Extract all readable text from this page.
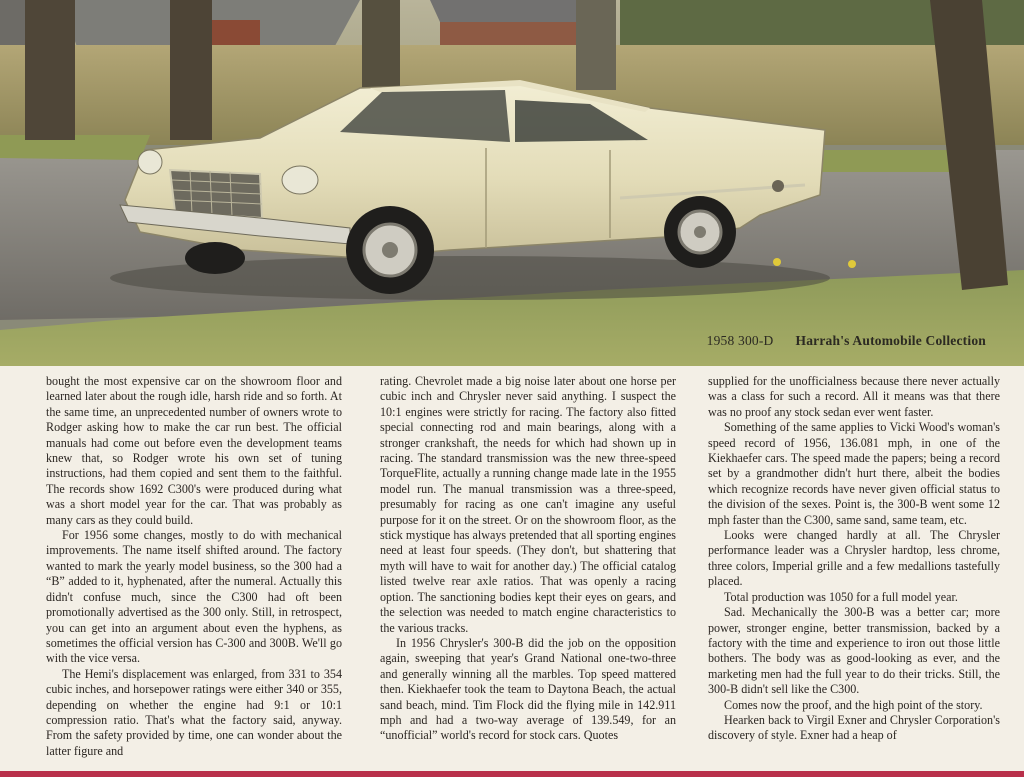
1958 300-D Harrah's Automobile Collection

bought the most expensive car on the showroom floor and learned later about the rough idle, harsh ride and so forth. At the same time, an unprecedented number of owners wrote to Rodger asking how to make the car run best. The official manuals had come out before even the development teams knew that, so Rodger wrote his own set of tuning instructions, had them copied and sent them to the faithful. The records show 1692 C300's were produced during what was a short model year for the car. That was probably as many cars as they could build.

For 1956 some changes, mostly to do with mechanical improvements. The name itself shifted around. The factory wanted to mark the yearly model business, so the 300 had a “B” added to it, hyphenated, after the numeral. Actually this didn't confuse much, since the C300 had oft been promotionally advertised as the 300 only. Still, in retrospect, you can get into an argument about even the hyphens, as sometimes the official version has C-300 and 300B. We'll go with the vice versa.

The Hemi's displacement was enlarged, from 331 to 354 cubic inches, and horsepower ratings were either 340 or 355, depending on whether the engine had 9:1 or 10:1 compression ratio. That's what the factory said, anyway. From the safety provided by time, one can wonder about the latter figure and

rating. Chevrolet made a big noise later about one horse per cubic inch and Chrysler never said anything. I suspect the 10:1 engines were strictly for racing. The factory also fitted special connecting rod and main bearings, along with a stronger crankshaft, the needs for which had shown up in racing. The standard transmission was the new three-speed TorqueFlite, actually a running change made late in the 1955 model run. The manual transmission was a three-speed, presumably for racing as one can't imagine any useful purpose for it on the street. Or on the showroom floor, as the stick mystique has always pretended that all sporting engines need at least four speeds. (They don't, but shattering that myth will have to wait for another day.) The official catalog listed twelve rear axle ratios. That was openly a racing option. The sanctioning bodies kept their eyes on gears, and the selection was needed to match engine characteristics to the various tracks.

In 1956 Chrysler's 300-B did the job on the opposition again, sweeping that year's Grand National one-two-three and generally winning all the marbles. Top speed mattered then. Kiekhaefer took the team to Daytona Beach, the actual sand beach, mind. Tim Flock did the flying mile in 142.911 mph and had a two-way average of 139.549, for an “unofficial” world's record for stock cars. Quotes

supplied for the unofficialness because there never actually was a class for such a record. All it means was that there was no proof any stock sedan ever went faster.

Something of the same applies to Vicki Wood's woman's speed record of 1956, 136.081 mph, in one of the Kiekhaefer cars. The speed made the papers; being a record set by a grandmother didn't hurt there, albeit the bodies which recognize records have never given official status to the division of the sexes. Point is, the 300-B went some 12 mph faster than the C300, same sand, same team, etc.

Looks were changed hardly at all. The Chrysler performance leader was a Chrysler hardtop, less chrome, three colors, Imperial grille and a few medallions tastefully placed.

Total production was 1050 for a full model year.

Sad. Mechanically the 300-B was a better car; more power, stronger engine, better transmission, backed by a factory with the time and experience to iron out those little bothers. The body was as good-looking as ever, and the marketing men had the full year to do their tricks. Still, the 300-B didn't sell like the C300.

Comes now the proof, and the high point of the story.

Hearken back to Virgil Exner and Chrysler Corporation's discovery of style. Exner had a heap of
